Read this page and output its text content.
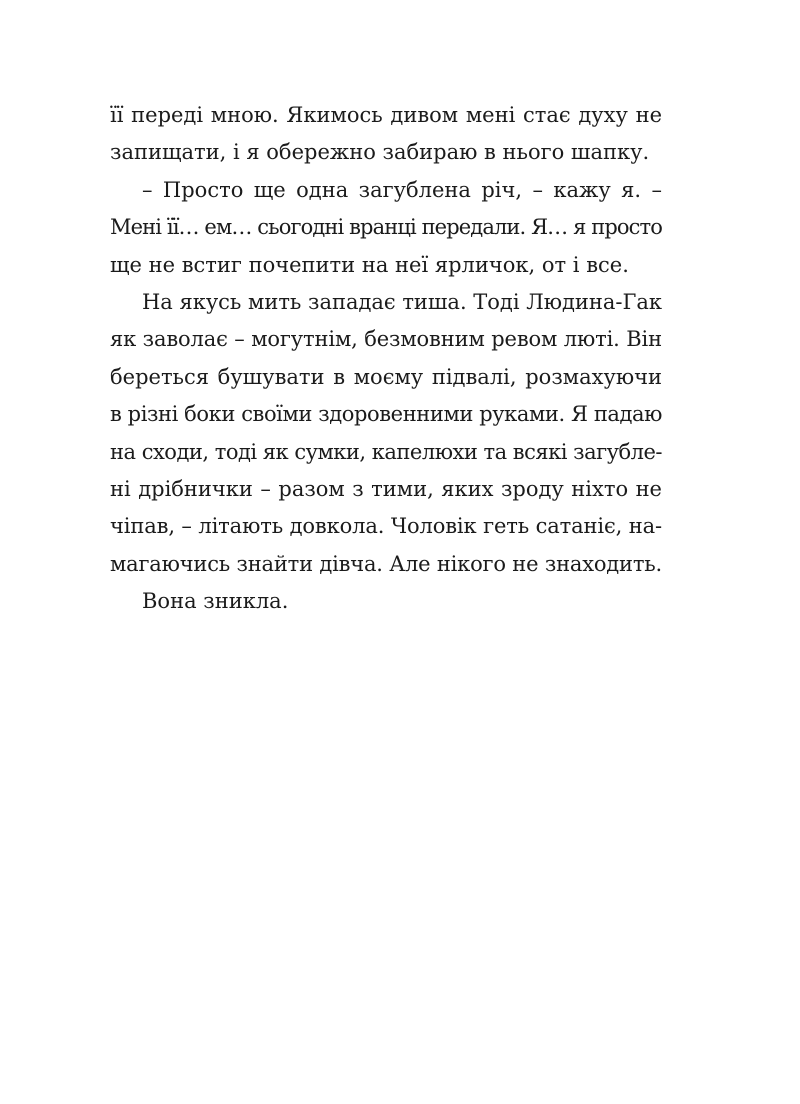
її переді мною. Якимось дивом мені стає духу не
запищати, і я обережно забираю в нього шапку.
– Просто ще одна загублена річ, – кажу я. –
Мені її… ем… сьогодні вранці передали. Я… я просто
ще не встиг почепити на неї ярличок, от і все.
На якусь мить западає тиша. Тоді Людина-Гак
як заволає – могутнім, безмовним ревом люті. Він
береться бушувати в моєму підвалі, розмахуючи
в різні боки своїми здоровенними руками. Я падаю
на сходи, тоді як сумки, капелюхи та всякі загубле-
ні дрібнички – разом з тими, яких зроду ніхто не
чіпав, – літають довкола. Чоловік геть сатаніє, на-
магаючись знайти дівча. Але нікого не знаходить.
Вона зникла.
